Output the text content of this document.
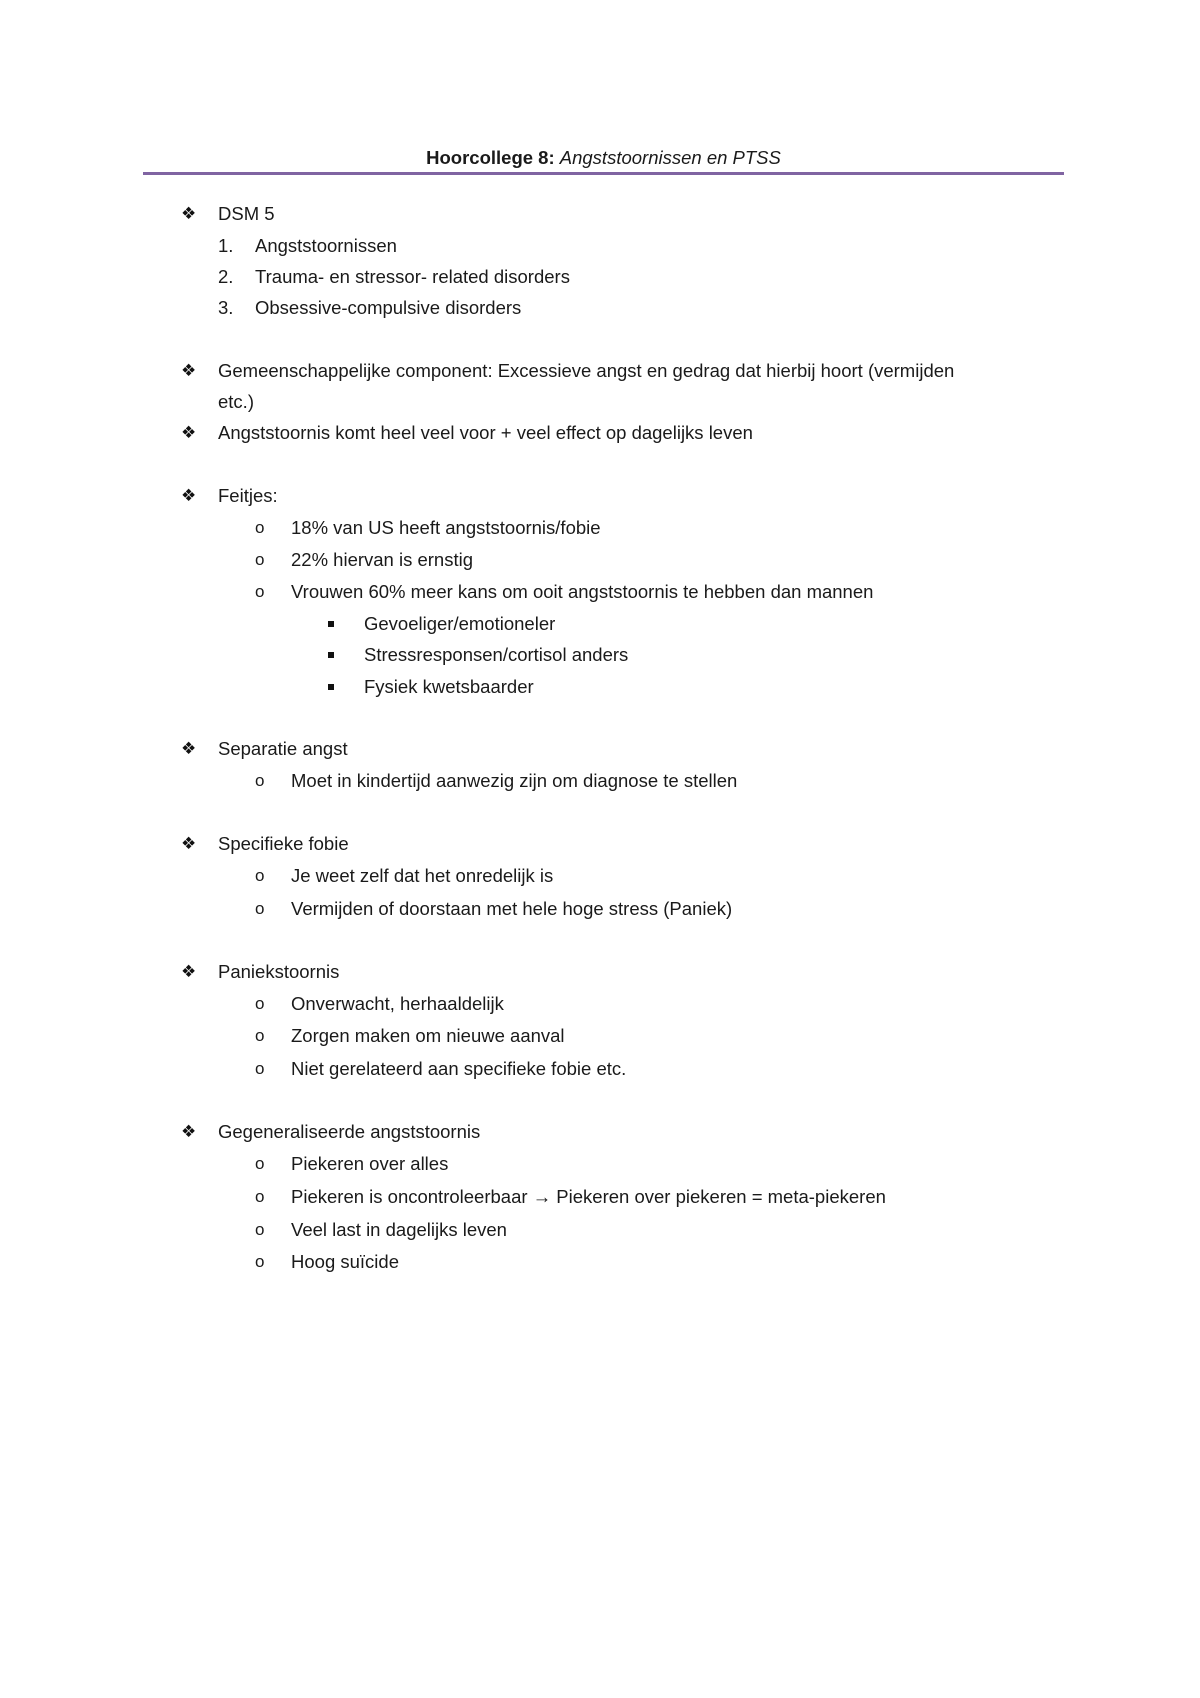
Hoorcollege 8: Angststoornissen en PTSS
❖ DSM 5
1. Angststoornissen
2. Trauma- en stressor- related disorders
3. Obsessive-compulsive disorders
❖ Gemeenschappelijke component: Excessieve angst en gedrag dat hierbij hoort (vermijden
etc.)
❖ Angststoornis komt heel veel voor + veel effect op dagelijks leven
❖ Feitjes:
o 18% van US heeft angststoornis/fobie
o 22% hiervan is ernstig
o Vrouwen 60% meer kans om ooit angststoornis te hebben dan mannen
Gevoeliger/emotioneler
Stressresponsen/cortisol anders
Fysiek kwetsbaarder
❖ Separatie angst
o Moet in kindertijd aanwezig zijn om diagnose te stellen
❖ Specifieke fobie
o Je weet zelf dat het onredelijk is
o Vermijden of doorstaan met hele hoge stress (Paniek)
❖ Paniekstoornis
o Onverwacht, herhaaldelijk
o Zorgen maken om nieuwe aanval
o Niet gerelateerd aan specifieke fobie etc.
❖ Gegeneraliseerde angststoornis
o Piekeren over alles
o Piekeren is oncontroleerbaar → Piekeren over piekeren = meta-piekeren
o Veel last in dagelijks leven
o Hoog suïcide
